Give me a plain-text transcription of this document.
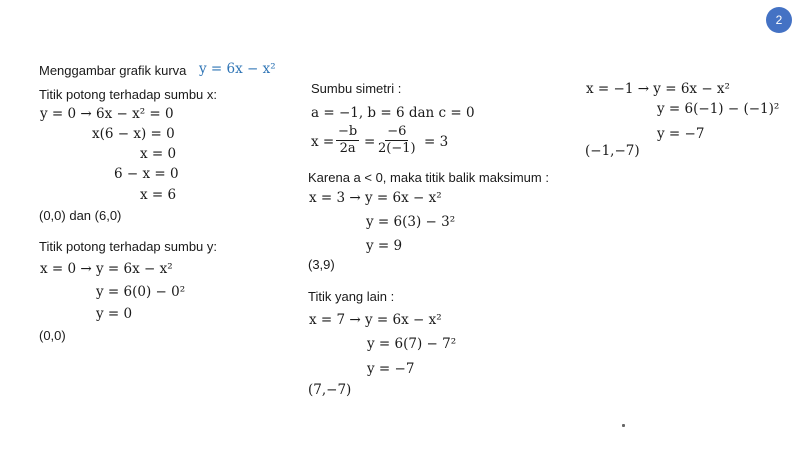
2
Menggambar grafik kurva y = 6x − x²
Titik potong terhadap sumbu x:
y = 0 → 6x − x² = 0
x(6 − x) = 0
x = 0
6 − x = 0
x = 6
(0,0) dan (6,0)
Titik potong terhadap sumbu y:
x = 0 → y = 6x − x²
y = 6(0) − 0²
y = 0
(0,0)
Sumbu simetri :
a = −1, b = 6 dan c = 0
$x = \frac{-b}{2a} = \frac{-6}{2(-1)} = 3$
Karena a < 0, maka titik balik maksimum :
x = 3 → y = 6x − x²
y = 6(3) − 3²
y = 9
(3,9)
Titik yang lain :
x = 7 → y = 6x − x²
y = 6(7) − 7²
y = −7
(7,−7)
x = −1 → y = 6x − x²
y = 6(−1) − (−1)²
y = −7
(−1,−7)
